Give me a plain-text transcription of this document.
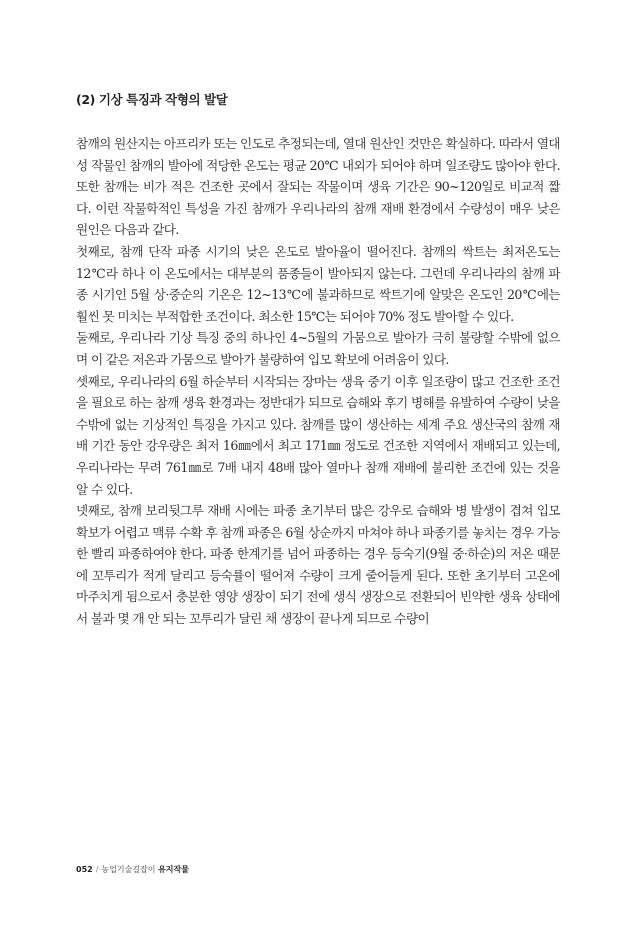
(2) 기상 특징과 작형의 발달

참깨의 원산지는 아프리카 또는 인도로 추정되는데, 열대 원산인 것만은 확실하다. 따라서 열대성 작물인 참깨의 발아에 적당한 온도는 평균 20℃ 내외가 되어야 하며 일조량도 많아야 한다. 또한 참깨는 비가 적은 건조한 곳에서 잘되는 작물이며 생육 기간은 90~120일로 비교적 짧다. 이런 작물학적인 특성을 가진 참깨가 우리나라의 참깨 재배 환경에서 수량성이 매우 낮은 원인은 다음과 같다.

첫째로, 참깨 단작 파종 시기의 낮은 온도로 발아율이 떨어진다. 참깨의 싹트는 최저온도는 12℃라 하나 이 온도에서는 대부분의 품종들이 발아되지 않는다. 그런데 우리나라의 참깨 파종 시기인 5월 상·중순의 기온은 12~13℃에 불과하므로 싹트기에 알맞은 온도인 20℃에는 훨씬 못 미치는 부적합한 조건이다. 최소한 15℃는 되어야 70% 정도 발아할 수 있다.

둘째로, 우리나라 기상 특징 중의 하나인 4~5월의 가뭄으로 발아가 극히 불량할 수밖에 없으며 이 같은 저온과 가뭄으로 발아가 불량하여 입모 확보에 어려움이 있다.

셋째로, 우리나라의 6월 하순부터 시작되는 장마는 생육 중기 이후 일조량이 많고 건조한 조건을 필요로 하는 참깨 생육 환경과는 정반대가 되므로 습해와 후기 병해를 유발하여 수량이 낮을 수밖에 없는 기상적인 특징을 가지고 있다. 참깨를 많이 생산하는 세계 주요 생산국의 참깨 재배 기간 동안 강우량은 최저 16㎜에서 최고 171㎜ 정도로 건조한 지역에서 재배되고 있는데, 우리나라는 무려 761㎜로 7배 내지 48배 많아 열마나 참깨 재배에 불리한 조건에 있는 것을 알 수 있다.

넷째로, 참깨 보리뒷그루 재배 시에는 파종 초기부터 많은 강우로 습해와 병 발생이 겹쳐 입모 확보가 어렵고 맥류 수확 후 참깨 파종은 6월 상순까지 마쳐야 하나 파종기를 놓치는 경우 가능한 빨리 파종하여야 한다. 파종 한계기를 넘어 파종하는 경우 등숙기(9월 중·하순)의 저온 때문에 꼬투리가 적게 달리고 등숙률이 떨어져 수량이 크게 줄어들게 된다. 또한 초기부터 고온에 마주치게 됨으로서 충분한 영양 생장이 되기 전에 생식 생장으로 전환되어 빈약한 생육 상태에서 불과 몇 개 안 되는 꼬투리가 달린 채 생장이 끝나게 되므로 수량이

052 / 농업기술길잡이 유지작물
